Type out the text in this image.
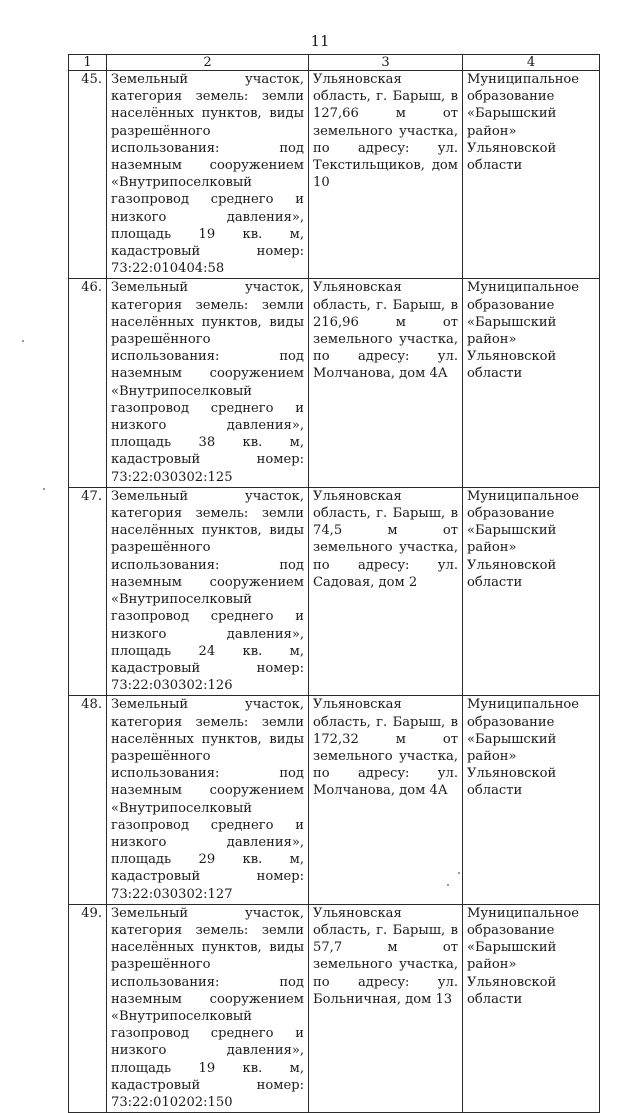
11
1	2	3	4
45.	Земельный участок, категория земель: земли населённых пунктов, виды разрешённого использования: под наземным сооружением «Внутрипоселковый газопровод среднего и низкого давления», площадь 19 кв. м, кадастровый номер: 73:22:010404:58	Ульяновская область, г. Барыш, в 127,66 м от земельного участка, по адресу: ул. Текстильщиков, дом 10	Муниципальное образование «Барышский район» Ульяновской области
46.	Земельный участок, категория земель: земли населённых пунктов, виды разрешённого использования: под наземным сооружением «Внутрипоселковый газопровод среднего и низкого давления», площадь 38 кв. м, кадастровый номер: 73:22:030302:125	Ульяновская область, г. Барыш, в 216,96 м от земельного участка, по адресу: ул. Молчанова, дом 4А	Муниципальное образование «Барышский район» Ульяновской области
47.	Земельный участок, категория земель: земли населённых пунктов, виды разрешённого использования: под наземным сооружением «Внутрипоселковый газопровод среднего и низкого давления», площадь 24 кв. м, кадастровый номер: 73:22:030302:126	Ульяновская область, г. Барыш, в 74,5 м от земельного участка, по адресу: ул. Садовая, дом 2	Муниципальное образование «Барышский район» Ульяновской области
48.	Земельный участок, категория земель: земли населённых пунктов, виды разрешённого использования: под наземным сооружением «Внутрипоселковый газопровод среднего и низкого давления», площадь 29 кв. м, кадастровый номер: 73:22:030302:127	Ульяновская область, г. Барыш, в 172,32 м от земельного участка, по адресу: ул. Молчанова, дом 4А	Муниципальное образование «Барышский район» Ульяновской области
49.	Земельный участок, категория земель: земли населённых пунктов, виды разрешённого использования: под наземным сооружением «Внутрипоселковый газопровод среднего и низкого давления», площадь 19 кв. м, кадастровый номер: 73:22:010202:150	Ульяновская область, г. Барыш, в 57,7 м от земельного участка, по адресу: ул. Больничная, дом 13	Муниципальное образование «Барышский район» Ульяновской области
